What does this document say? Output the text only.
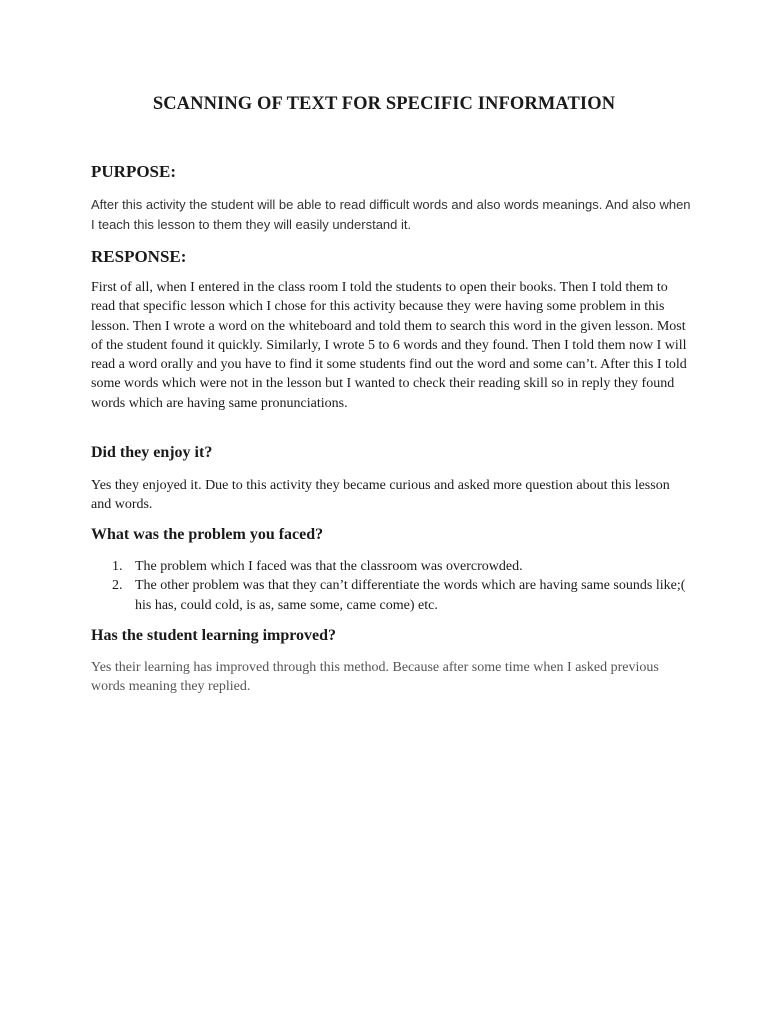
SCANNING OF TEXT FOR SPECIFIC INFORMATION
PURPOSE:
After this activity the student will be able to read difficult words and also words meanings. And also when I teach this lesson to them they will easily understand it.
RESPONSE:
First of all, when I entered in the class room I told the students to open their books. Then I told them to read that specific lesson which I chose for this activity because they were having some problem in this lesson. Then I wrote a word on the whiteboard and told them to search this word in the given lesson. Most of the student found it quickly. Similarly, I wrote 5 to 6 words and they found. Then I told them now I will read a word orally and you have to find it some students find out the word and some can’t. After this I told some words which were not in the lesson but I wanted to check their reading skill so in reply they found words which are having same pronunciations.
Did they enjoy it?
Yes they enjoyed it. Due to this activity they became curious and asked more question about this lesson and words.
What was the problem you faced?
1. The problem which I faced was that the classroom was overcrowded.
2. The other problem was that they can’t differentiate the words which are having same sounds like;( his has, could cold, is as, same some, came come) etc.
Has the student learning improved?
Yes their learning has improved through this method. Because after some time when I asked previous words meaning they replied.
